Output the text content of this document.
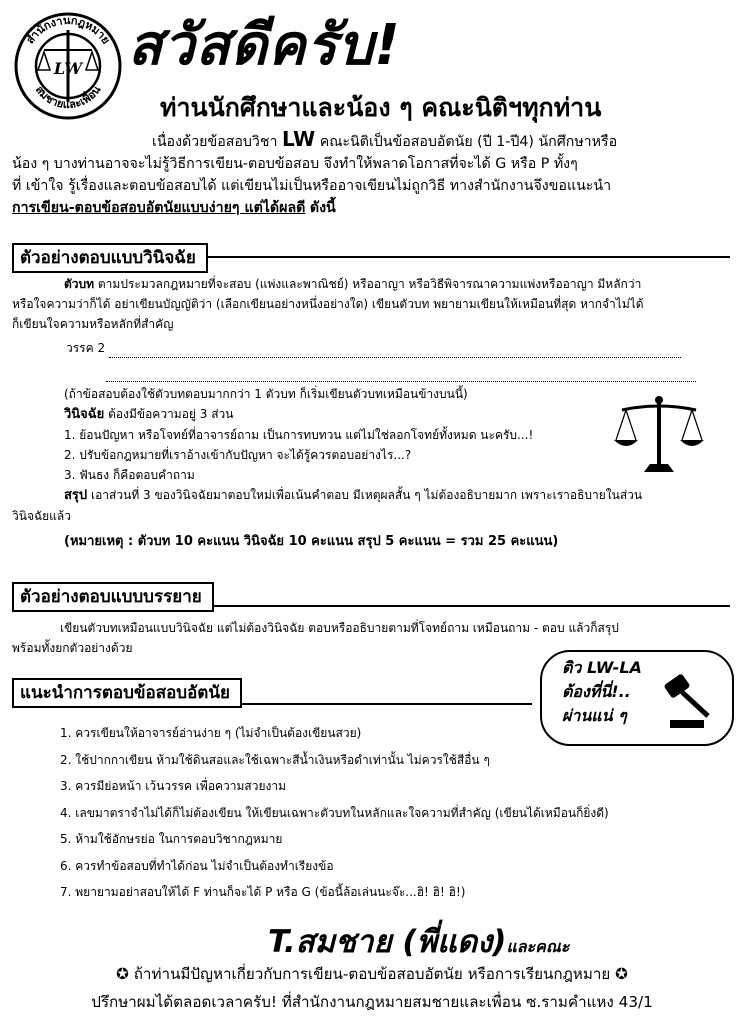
LW
สำนักงานกฎหมาย
สมชายและเพื่อน
สวัสดีครับ!
ท่านนักศึกษาและน้อง ๆ คณะนิติฯทุกท่าน
เนื่องด้วยข้อสอบวิชา LW คณะนิติเป็นข้อสอบอัตนัย (ปี 1-ปี4) นักศึกษาหรือ
น้อง ๆ บางท่านอาจจะไม่รู้วิธีการเขียน-ตอบข้อสอบ จึงทำให้พลาดโอกาสที่จะได้ G หรือ P ทั้งๆ
ที่ เข้าใจ รู้เรื่องและตอบข้อสอบได้ แต่เขียนไม่เป็นหรืออาจเขียนไม่ถูกวิธี ทางสำนักงานจึงขอแนะนำ
การเขียน-ตอบข้อสอบอัตนัยแบบง่ายๆ แต่ได้ผลดี ดังนี้
ตัวอย่างตอบแบบวินิจฉัย
ตัวบท ตามประมวลกฎหมายที่จะสอบ (แพ่งและพาณิชย์) หรืออาญา หรือวิธีพิจารณาความแพ่งหรืออาญา มีหลักว่า
หรือใจความว่าก็ได้ อย่าเขียนบัญญัติว่า (เลือกเขียนอย่างหนึ่งอย่างใด) เขียนตัวบท พยายามเขียนให้เหมือนที่สุด หากจำไม่ได้
ก็เขียนใจความหรือหลักที่สำคัญ
วรรค 2
(ถ้าข้อสอบต้องใช้ตัวบทตอบมากกว่า 1 ตัวบท ก็เริ่มเขียนตัวบทเหมือนข้างบนนี้)
วินิจฉัย ต้องมีข้อความอยู่ 3 ส่วน
1. ย้อนปัญหา หรือโจทย์ที่อาจารย์ถาม เป็นการทบทวน แต่ไม่ใช่ลอกโจทย์ทั้งหมด นะครับ...!
2. ปรับข้อกฎหมายที่เราอ้างเข้ากับปัญหา จะได้รู้ควรตอบอย่างไร...?
3. ฟันธง ก็คือตอบคำถาม
สรุป เอาส่วนที่ 3 ของวินิจฉัยมาตอบใหม่เพื่อเน้นคำตอบ มีเหตุผลสั้น ๆ ไม่ต้องอธิบายมาก เพราะเราอธิบายในส่วน
วินิจฉัยแล้ว
(หมายเหตุ : ตัวบท 10 คะแนน วินิจฉัย 10 คะแนน สรุป 5 คะแนน = รวม 25 คะแนน)
ตัวอย่างตอบแบบบรรยาย
เขียนตัวบทเหมือนแบบวินิจฉัย แต่ไม่ต้องวินิจฉัย ตอบหรืออธิบายตามที่โจทย์ถาม เหมือนถาม - ตอบ แล้วก็สรุป
พร้อมทั้งยกตัวอย่างด้วย
ติว LW-LA
ต้องที่นี่!..
ผ่านแน่ ๆ
แนะนำการตอบข้อสอบอัตนัย
1. ควรเขียนให้อาจารย์อ่านง่าย ๆ (ไม่จำเป็นต้องเขียนสวย)
2. ใช้ปากกาเขียน ห้ามใช้ดินสอและใช้เฉพาะสีน้ำเงินหรือดำเท่านั้น ไม่ควรใช้สีอื่น ๆ
3. ควรมีย่อหน้า เว้นวรรค เพื่อความสวยงาม
4. เลขมาตราจำไม่ได้ก็ไม่ต้องเขียน ให้เขียนเฉพาะตัวบทในหลักและใจความที่สำคัญ (เขียนได้เหมือนก็ยิ่งดี)
5. ห้ามใช้อักษรย่อ ในการตอบวิชากฎหมาย
6. ควรทำข้อสอบที่ทำได้ก่อน ไม่จำเป็นต้องทำเรียงข้อ
7. พยายามอย่าสอบให้ได้ F ท่านก็จะได้ P หรือ G (ข้อนี้ล้อเล่นนะจ๊ะ...ฮิ! ฮิ! ฮิ!)
T.สมชาย (พี่แดง)และคณะ
✪ ถ้าท่านมีปัญหาเกี่ยวกับการเขียน-ตอบข้อสอบอัตนัย หรือการเรียนกฎหมาย ✪
ปรึกษาผมได้ตลอดเวลาครับ! ที่สำนักงานกฎหมายสมชายและเพื่อน ซ.รามคำแหง 43/1
